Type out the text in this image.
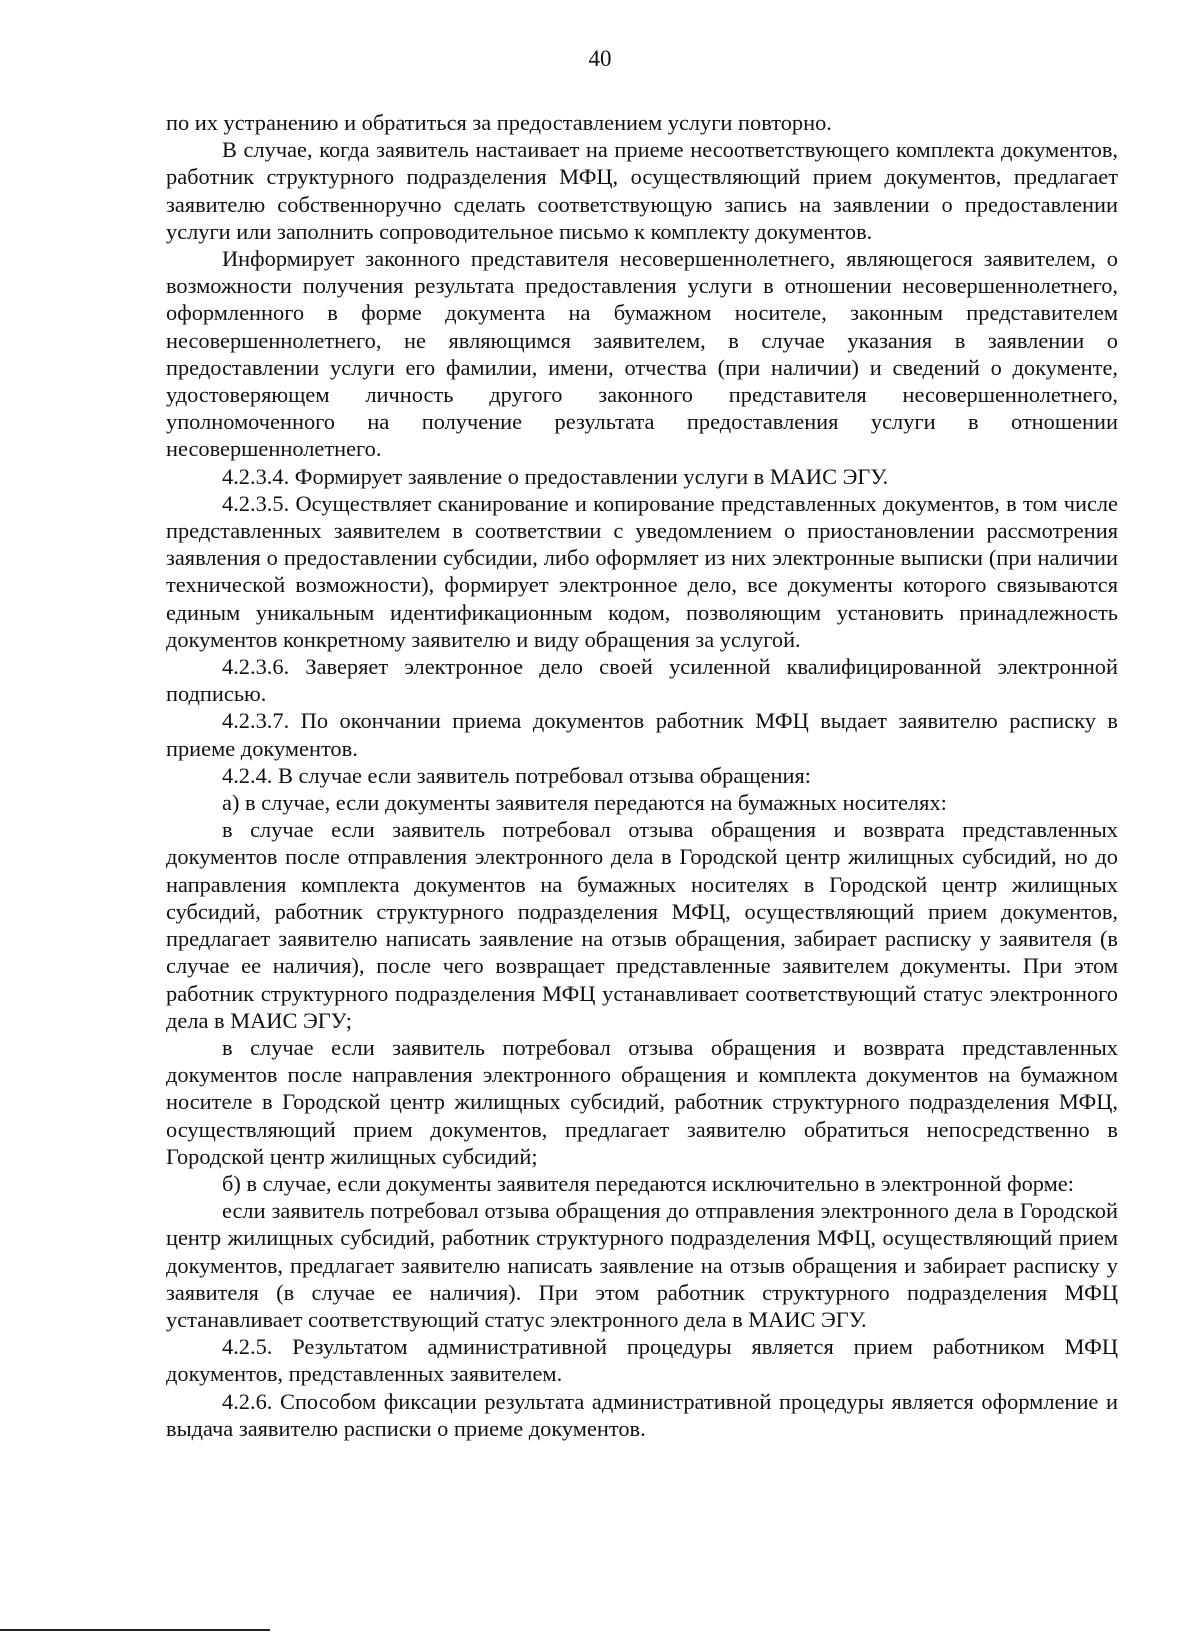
40

по их устранению и обратиться за предоставлением услуги повторно.

В случае, когда заявитель настаивает на приеме несоответствующего комплекта документов, работник структурного подразделения МФЦ, осуществляющий прием документов, предлагает заявителю собственноручно сделать соответствующую запись на заявлении о предоставлении услуги или заполнить сопроводительное письмо к комплекту документов.

Информирует законного представителя несовершеннолетнего, являющегося заявителем, о возможности получения результата предоставления услуги в отношении несовершеннолетнего, оформленного в форме документа на бумажном носителе, законным представителем несовершеннолетнего, не являющимся заявителем, в случае указания в заявлении о предоставлении услуги его фамилии, имени, отчества (при наличии) и сведений о документе, удостоверяющем личность другого законного представителя несовершеннолетнего, уполномоченного на получение результата предоставления услуги в отношении несовершеннолетнего.

4.2.3.4. Формирует заявление о предоставлении услуги в МАИС ЭГУ.

4.2.3.5. Осуществляет сканирование и копирование представленных документов, в том числе представленных заявителем в соответствии с уведомлением о приостановлении рассмотрения заявления о предоставлении субсидии, либо оформляет из них электронные выписки (при наличии технической возможности), формирует электронное дело, все документы которого связываются единым уникальным идентификационным кодом, позволяющим установить принадлежность документов конкретному заявителю и виду обращения за услугой.

4.2.3.6. Заверяет электронное дело своей усиленной квалифицированной электронной подписью.

4.2.3.7. По окончании приема документов работник МФЦ выдает заявителю расписку в приеме документов.

4.2.4. В случае если заявитель потребовал отзыва обращения:

а) в случае, если документы заявителя передаются на бумажных носителях:

в случае если заявитель потребовал отзыва обращения и возврата представленных документов после отправления электронного дела в Городской центр жилищных субсидий, но до направления комплекта документов на бумажных носителях в Городской центр жилищных субсидий, работник структурного подразделения МФЦ, осуществляющий прием документов, предлагает заявителю написать заявление на отзыв обращения, забирает расписку у заявителя (в случае ее наличия), после чего возвращает представленные заявителем документы. При этом работник структурного подразделения МФЦ устанавливает соответствующий статус электронного дела в МАИС ЭГУ;

в случае если заявитель потребовал отзыва обращения и возврата представленных документов после направления электронного обращения и комплекта документов на бумажном носителе в Городской центр жилищных субсидий, работник структурного подразделения МФЦ, осуществляющий прием документов, предлагает заявителю обратиться непосредственно в Городской центр жилищных субсидий;

б) в случае, если документы заявителя передаются исключительно в электронной форме:

если заявитель потребовал отзыва обращения до отправления электронного дела в Городской центр жилищных субсидий, работник структурного подразделения МФЦ, осуществляющий прием документов, предлагает заявителю написать заявление на отзыв обращения и забирает расписку у заявителя (в случае ее наличия). При этом работник структурного подразделения МФЦ устанавливает соответствующий статус электронного дела в МАИС ЭГУ.

4.2.5. Результатом административной процедуры является прием работником МФЦ документов, представленных заявителем.

4.2.6. Способом фиксации результата административной процедуры является оформление и выдача заявителю расписки о приеме документов.
